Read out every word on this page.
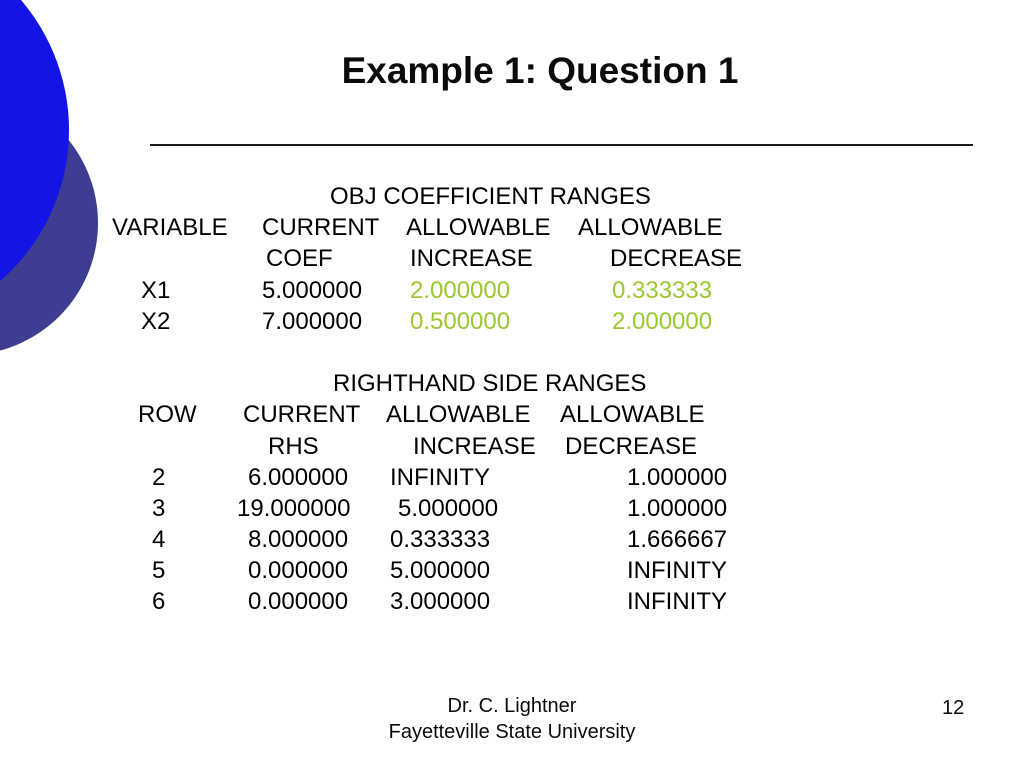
Example 1: Question 1
OBJ COEFFICIENT RANGES
VARIABLE CURRENT ALLOWABLE ALLOWABLE
COEF	INCREASE	DECREASE
X1	5.000000 2.000000	0.333333
X2	7.000000 0.500000	2.000000
RIGHTHAND SIDE RANGES
ROW CURRENT ALLOWABLE ALLOWABLE
RHS	INCREASE DECREASE
2	6.000000 INFINITY	1.000000
3	19.000000 5.000000	1.000000
4	8.000000 0.333333	1.666667
5	0.000000 5.000000	INFINITY
6	0.000000 3.000000	INFINITY
Dr. C. Lightner
Fayetteville State University
12
